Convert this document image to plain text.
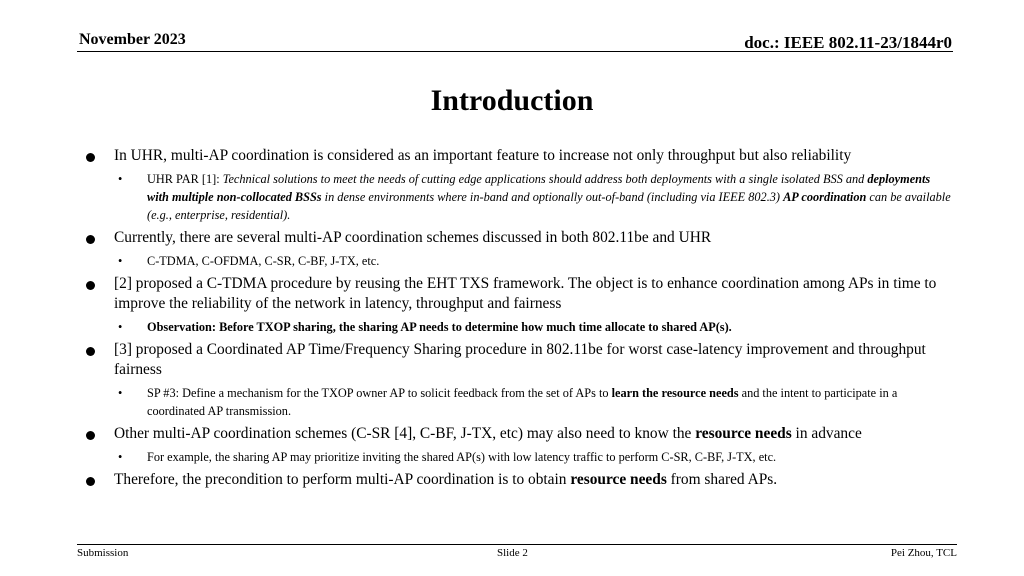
November 2023	doc.: IEEE 802.11-23/1844r0
Introduction
In UHR, multi-AP coordination is considered as an important feature to increase not only throughput but also reliability
• UHR PAR [1]: Technical solutions to meet the needs of cutting edge applications should address both deployments with a single isolated BSS and deployments with multiple non-collocated BSSs in dense environments where in-band and optionally out-of-band (including via IEEE 802.3) AP coordination can be available (e.g., enterprise, residential).
Currently, there are several multi-AP coordination schemes discussed in both 802.11be and UHR
• C-TDMA, C-OFDMA, C-SR, C-BF, J-TX, etc.
[2] proposed a C-TDMA procedure by reusing the EHT TXS framework. The object is to enhance coordination among APs in time to improve the reliability of the network in latency, throughput and fairness
• Observation: Before TXOP sharing, the sharing AP needs to determine how much time allocate to shared AP(s).
[3] proposed a Coordinated AP Time/Frequency Sharing procedure in 802.11be for worst case-latency improvement and throughput fairness
• SP #3: Define a mechanism for the TXOP owner AP to solicit feedback from the set of APs to learn the resource needs and the intent to participate in a coordinated AP transmission.
Other multi-AP coordination schemes (C-SR [4], C-BF, J-TX, etc) may also need to know the resource needs in advance
• For example, the sharing AP may prioritize inviting the shared AP(s) with low latency traffic to perform C-SR, C-BF, J-TX, etc.
Therefore, the precondition to perform multi-AP coordination is to obtain resource needs from shared APs.
Submission	Slide 2	Pei Zhou, TCL
